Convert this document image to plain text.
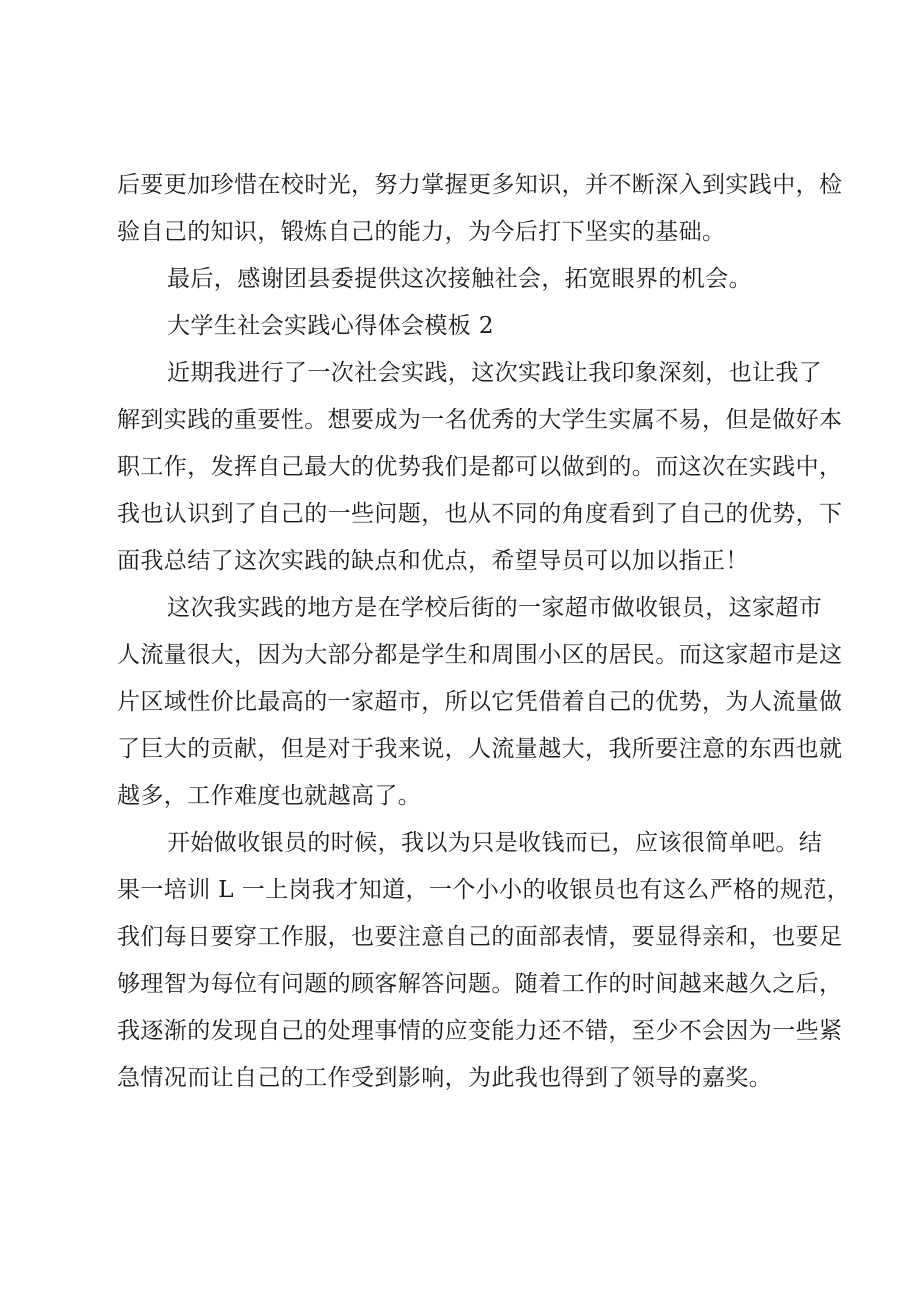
后要更加珍惜在校时光，努力掌握更多知识，并不断深入到实践中，检
验自己的知识，锻炼自己的能力，为今后打下坚实的基础。
最后，感谢团县委提供这次接触社会，拓宽眼界的机会。
大学生社会实践心得体会模板 2
近期我进行了一次社会实践，这次实践让我印象深刻，也让我了
解到实践的重要性。想要成为一名优秀的大学生实属不易，但是做好本
职工作，发挥自己最大的优势我们是都可以做到的。而这次在实践中，
我也认识到了自己的一些问题，也从不同的角度看到了自己的优势，下
面我总结了这次实践的缺点和优点，希望导员可以加以指正！
这次我实践的地方是在学校后街的一家超市做收银员，这家超市
人流量很大，因为大部分都是学生和周围小区的居民。而这家超市是这
片区域性价比最高的一家超市，所以它凭借着自己的优势，为人流量做
了巨大的贡献，但是对于我来说，人流量越大，我所要注意的东西也就
越多，工作难度也就越高了。
开始做收银员的时候，我以为只是收钱而已，应该很简单吧。结
果一培训 L 一上岗我才知道，一个小小的收银员也有这么严格的规范，
我们每日要穿工作服，也要注意自己的面部表情，要显得亲和，也要足
够理智为每位有问题的顾客解答问题。随着工作的时间越来越久之后，
我逐渐的发现自己的处理事情的应变能力还不错，至少不会因为一些紧
急情况而让自己的工作受到影响，为此我也得到了领导的嘉奖。
